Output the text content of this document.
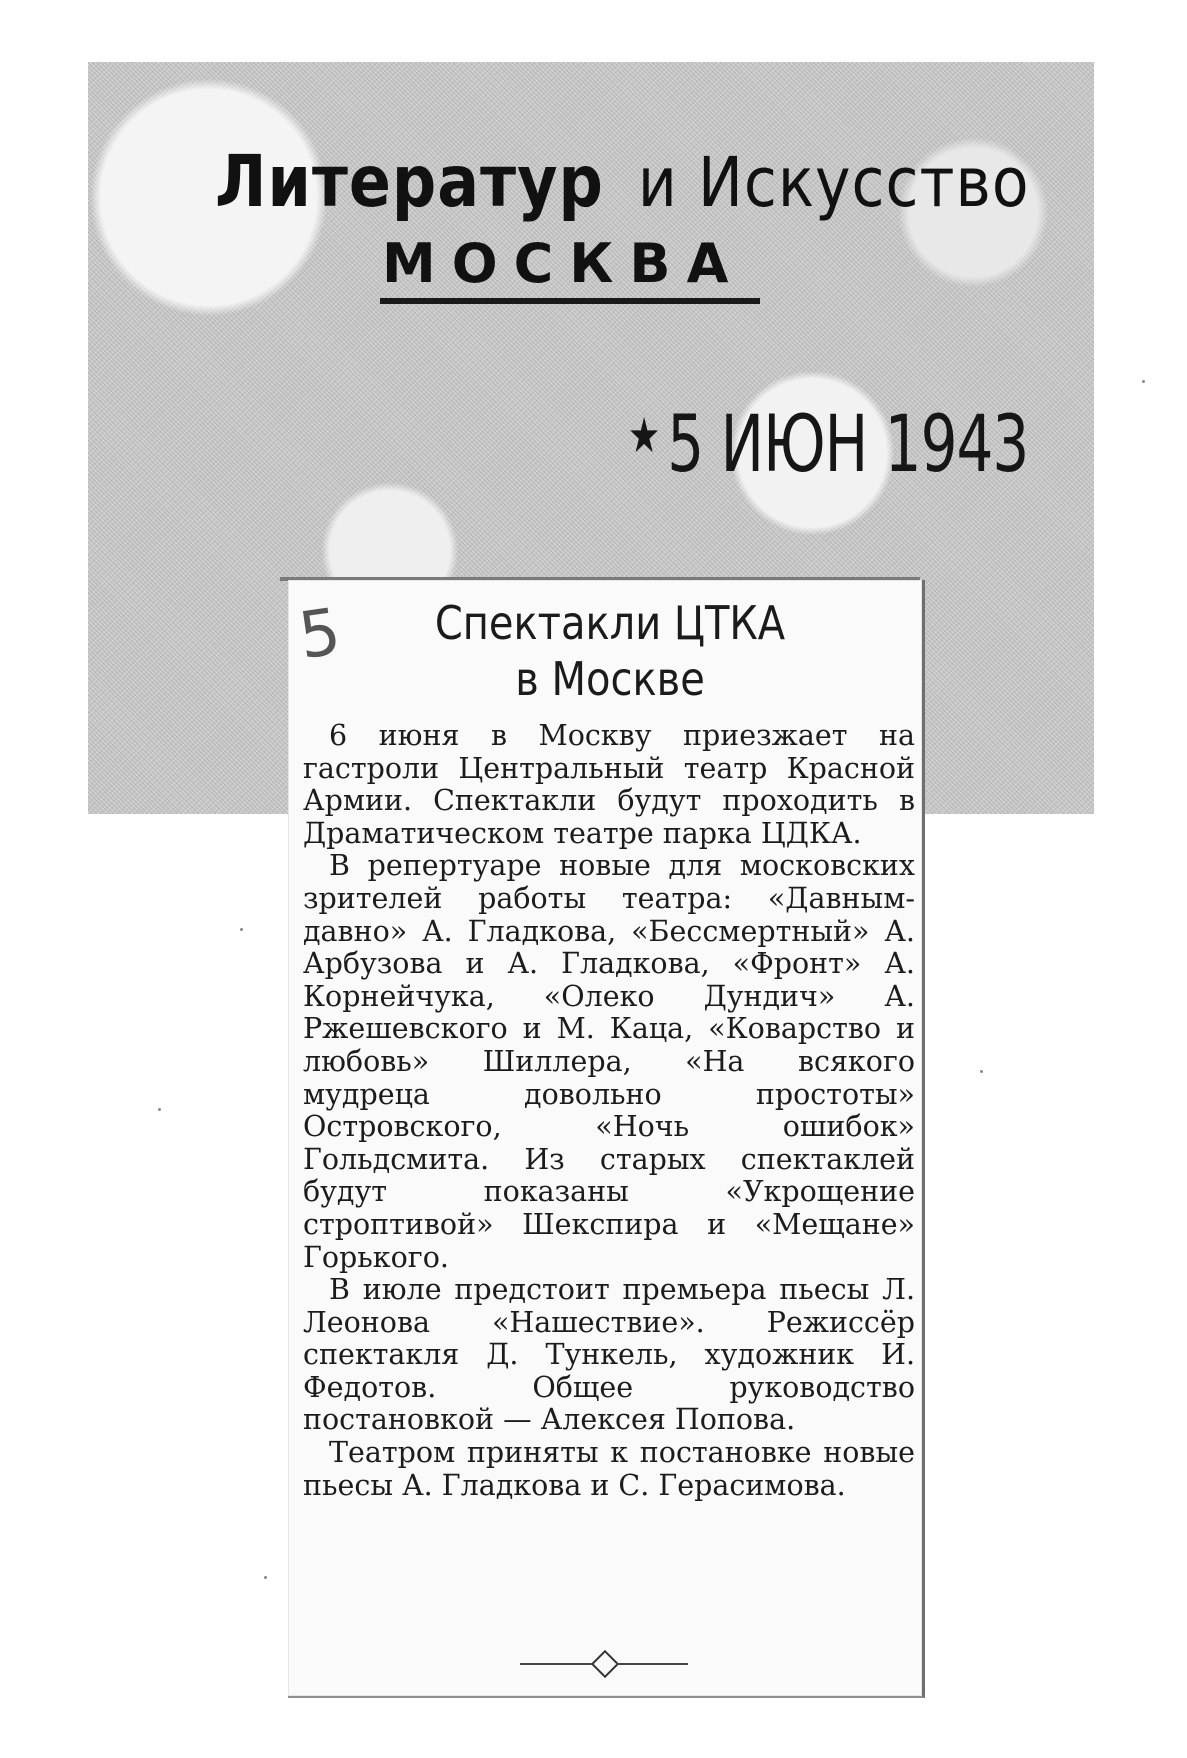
Литератур и Искусство
МОСКВА
★ 5 ИЮН 1943
5	Спектакли ЦТКА
в Москве

6 июня в Москву приезжает на гастроли Центральный театр Красной Армии. Спектакли будут проходить в Драматическом театре парка ЦДКА.

В репертуаре новые для московских зрителей работы театра: «Давным-давно» А. Гладкова, «Бессмертный» А. Арбузова и А. Гладкова, «Фронт» А. Корнейчука, «Олеко Дундич» А. Ржешевского и М. Каца, «Коварство и любовь» Шиллера, «На всякого мудреца довольно простоты» Островского, «Ночь ошибок» Гольдсмита. Из старых спектаклей будут показаны «Укрощение строптивой» Шекспира и «Мещане» Горького.

В июле предстоит премьера пьесы Л. Леонова «Нашествие». Режиссёр спектакля Д. Тункель, художник И. Федотов. Общее руководство постановкой — Алексея Попова.

Театром приняты к постановке новые пьесы А. Гладкова и С. Герасимова.
